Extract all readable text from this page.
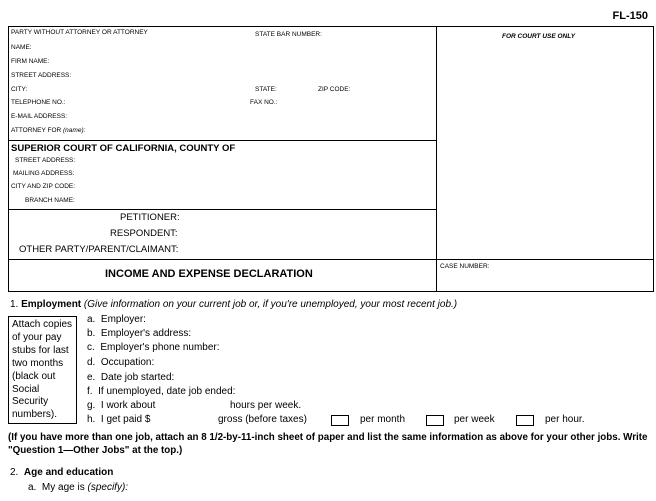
FL-150
PARTY WITHOUT ATTORNEY OR ATTORNEY	STATE BAR NUMBER:	FOR COURT USE ONLY
NAME:
FIRM NAME:
STREET ADDRESS:
CITY:	STATE:	ZIP CODE:
TELEPHONE NO.:	FAX NO.:
E-MAIL ADDRESS:
ATTORNEY FOR (name):
SUPERIOR COURT OF CALIFORNIA, COUNTY OF
STREET ADDRESS:
MAILING ADDRESS:
CITY AND ZIP CODE:
BRANCH NAME:
PETITIONER:
RESPONDENT:
OTHER PARTY/PARENT/CLAIMANT:
INCOME AND EXPENSE DECLARATION
CASE NUMBER:
1. Employment (Give information on your current job or, if you're unemployed, your most recent job.)
Attach copies of your pay stubs for last two months (black out Social Security numbers).
a. Employer:
b. Employer's address:
c. Employer's phone number:
d. Occupation:
e. Date job started:
f. If unemployed, date job ended:
g. I work about	hours per week.
h. I get paid $	gross (before taxes)	per month	per week	per hour.
(If you have more than one job, attach an 8 1/2-by-11-inch sheet of paper and list the same information as above for your other jobs. Write "Question 1—Other Jobs" at the top.)
2. Age and education
a. My age is (specify):
